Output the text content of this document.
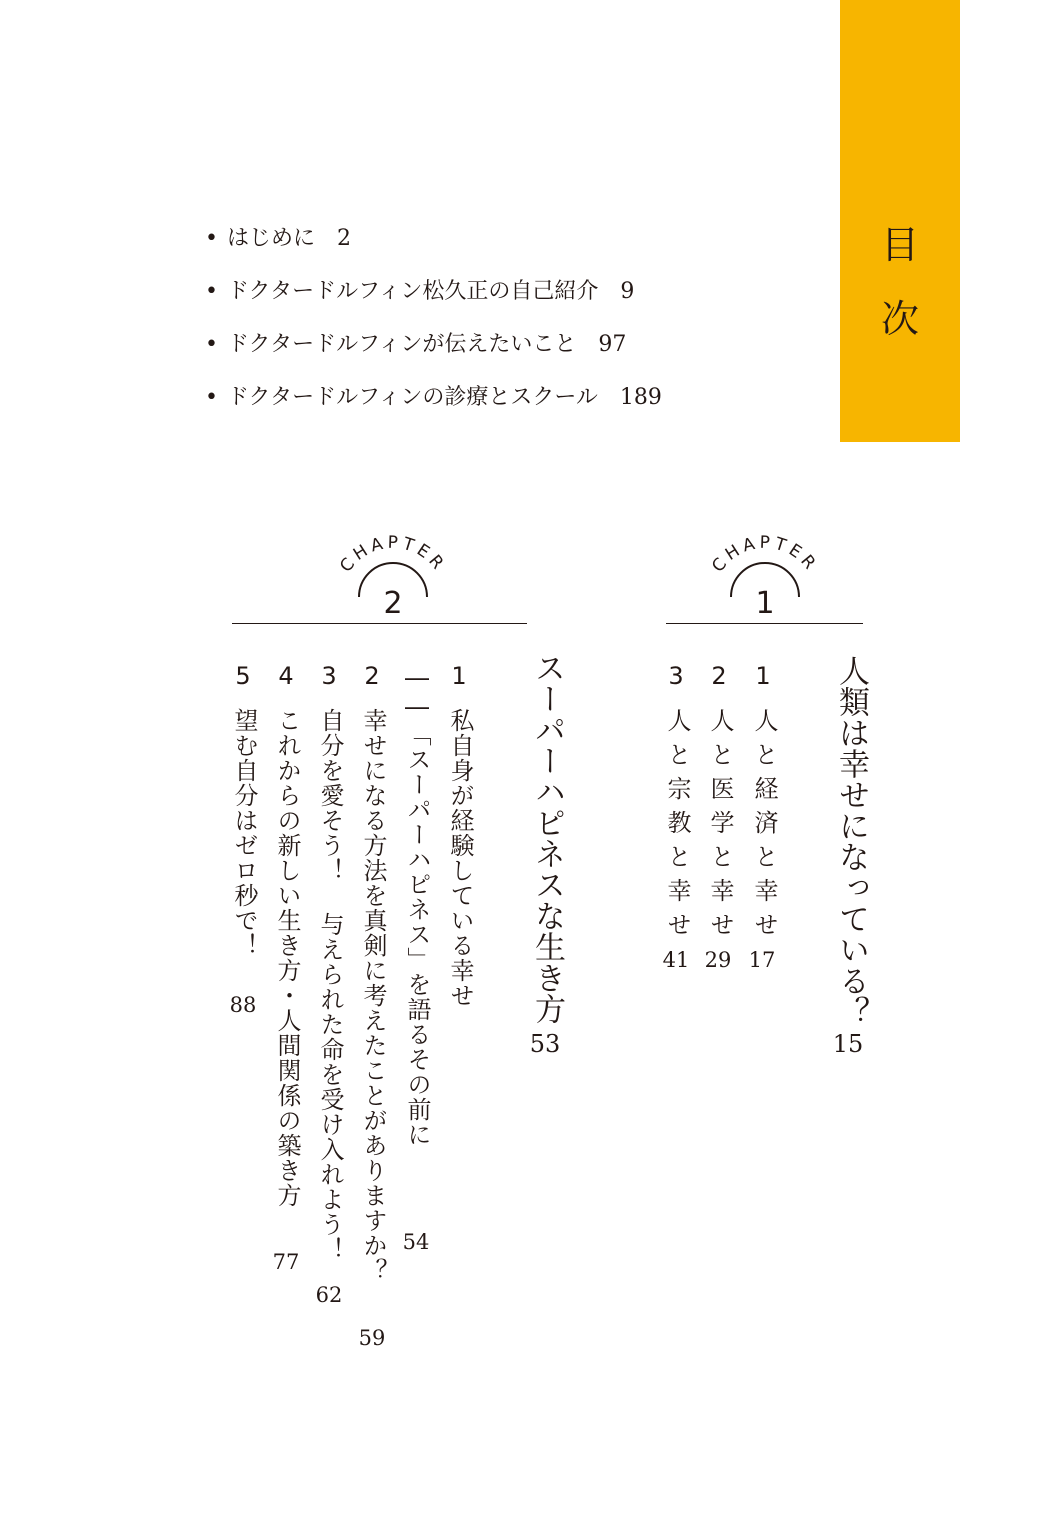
目
次
• はじめに 2
• ドクタードルフィン松久正の自己紹介 9
• ドクタードルフィンが伝えたいこと 97
• ドクタードルフィンの診療とスクール 189
CHAPTER
1
CHAPTER
2
人類は幸せになっている？
15
1
人と経済と幸せ
17
2
人と医学と幸せ
29
3
人と宗教と幸せ
41
スーパーハピネスな生き方
53
1
私自身が経験している幸せ
――「スーパーハピネス」を語るその前に
54
2
幸せになる方法を真剣に考えたことがありますか？
59
3
自分を愛そう！ 与えられた命を受け入れよう！
62
4
これからの新しい生き方・人間関係の築き方
77
5
望む自分はゼロ秒で！
88
